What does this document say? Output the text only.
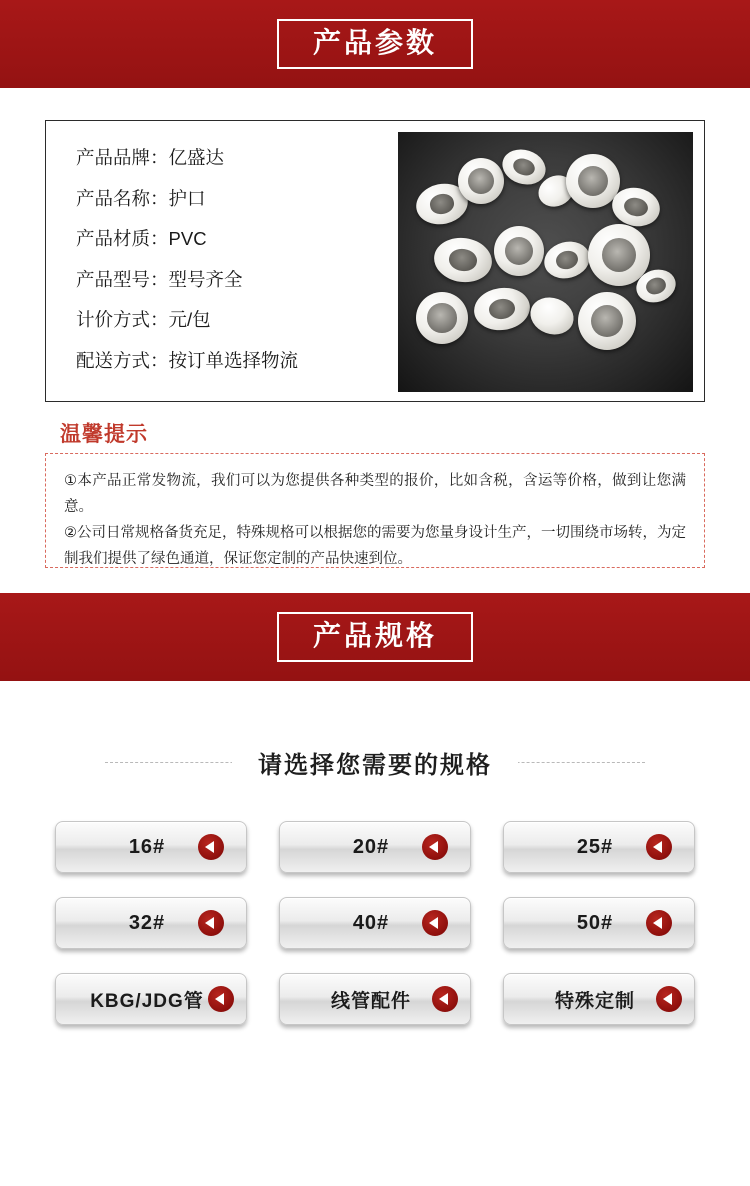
产品参数
产品品牌：亿盛达
产品名称：护口
产品材质：PVC
产品型号：型号齐全
计价方式：元/包
配送方式：按订单选择物流
温馨提示
①本产品正常发物流，我们可以为您提供各种类型的报价，比如含税，含运等价格，做到让您满意。
②公司日常规格备货充足，特殊规格可以根据您的需要为您量身设计生产，一切围绕市场转，为定制我们提供了绿色通道，保证您定制的产品快速到位。
产品规格
请选择您需要的规格
16#	20#	25#
32#	40#	50#
KBG/JDG管	线管配件	特殊定制
